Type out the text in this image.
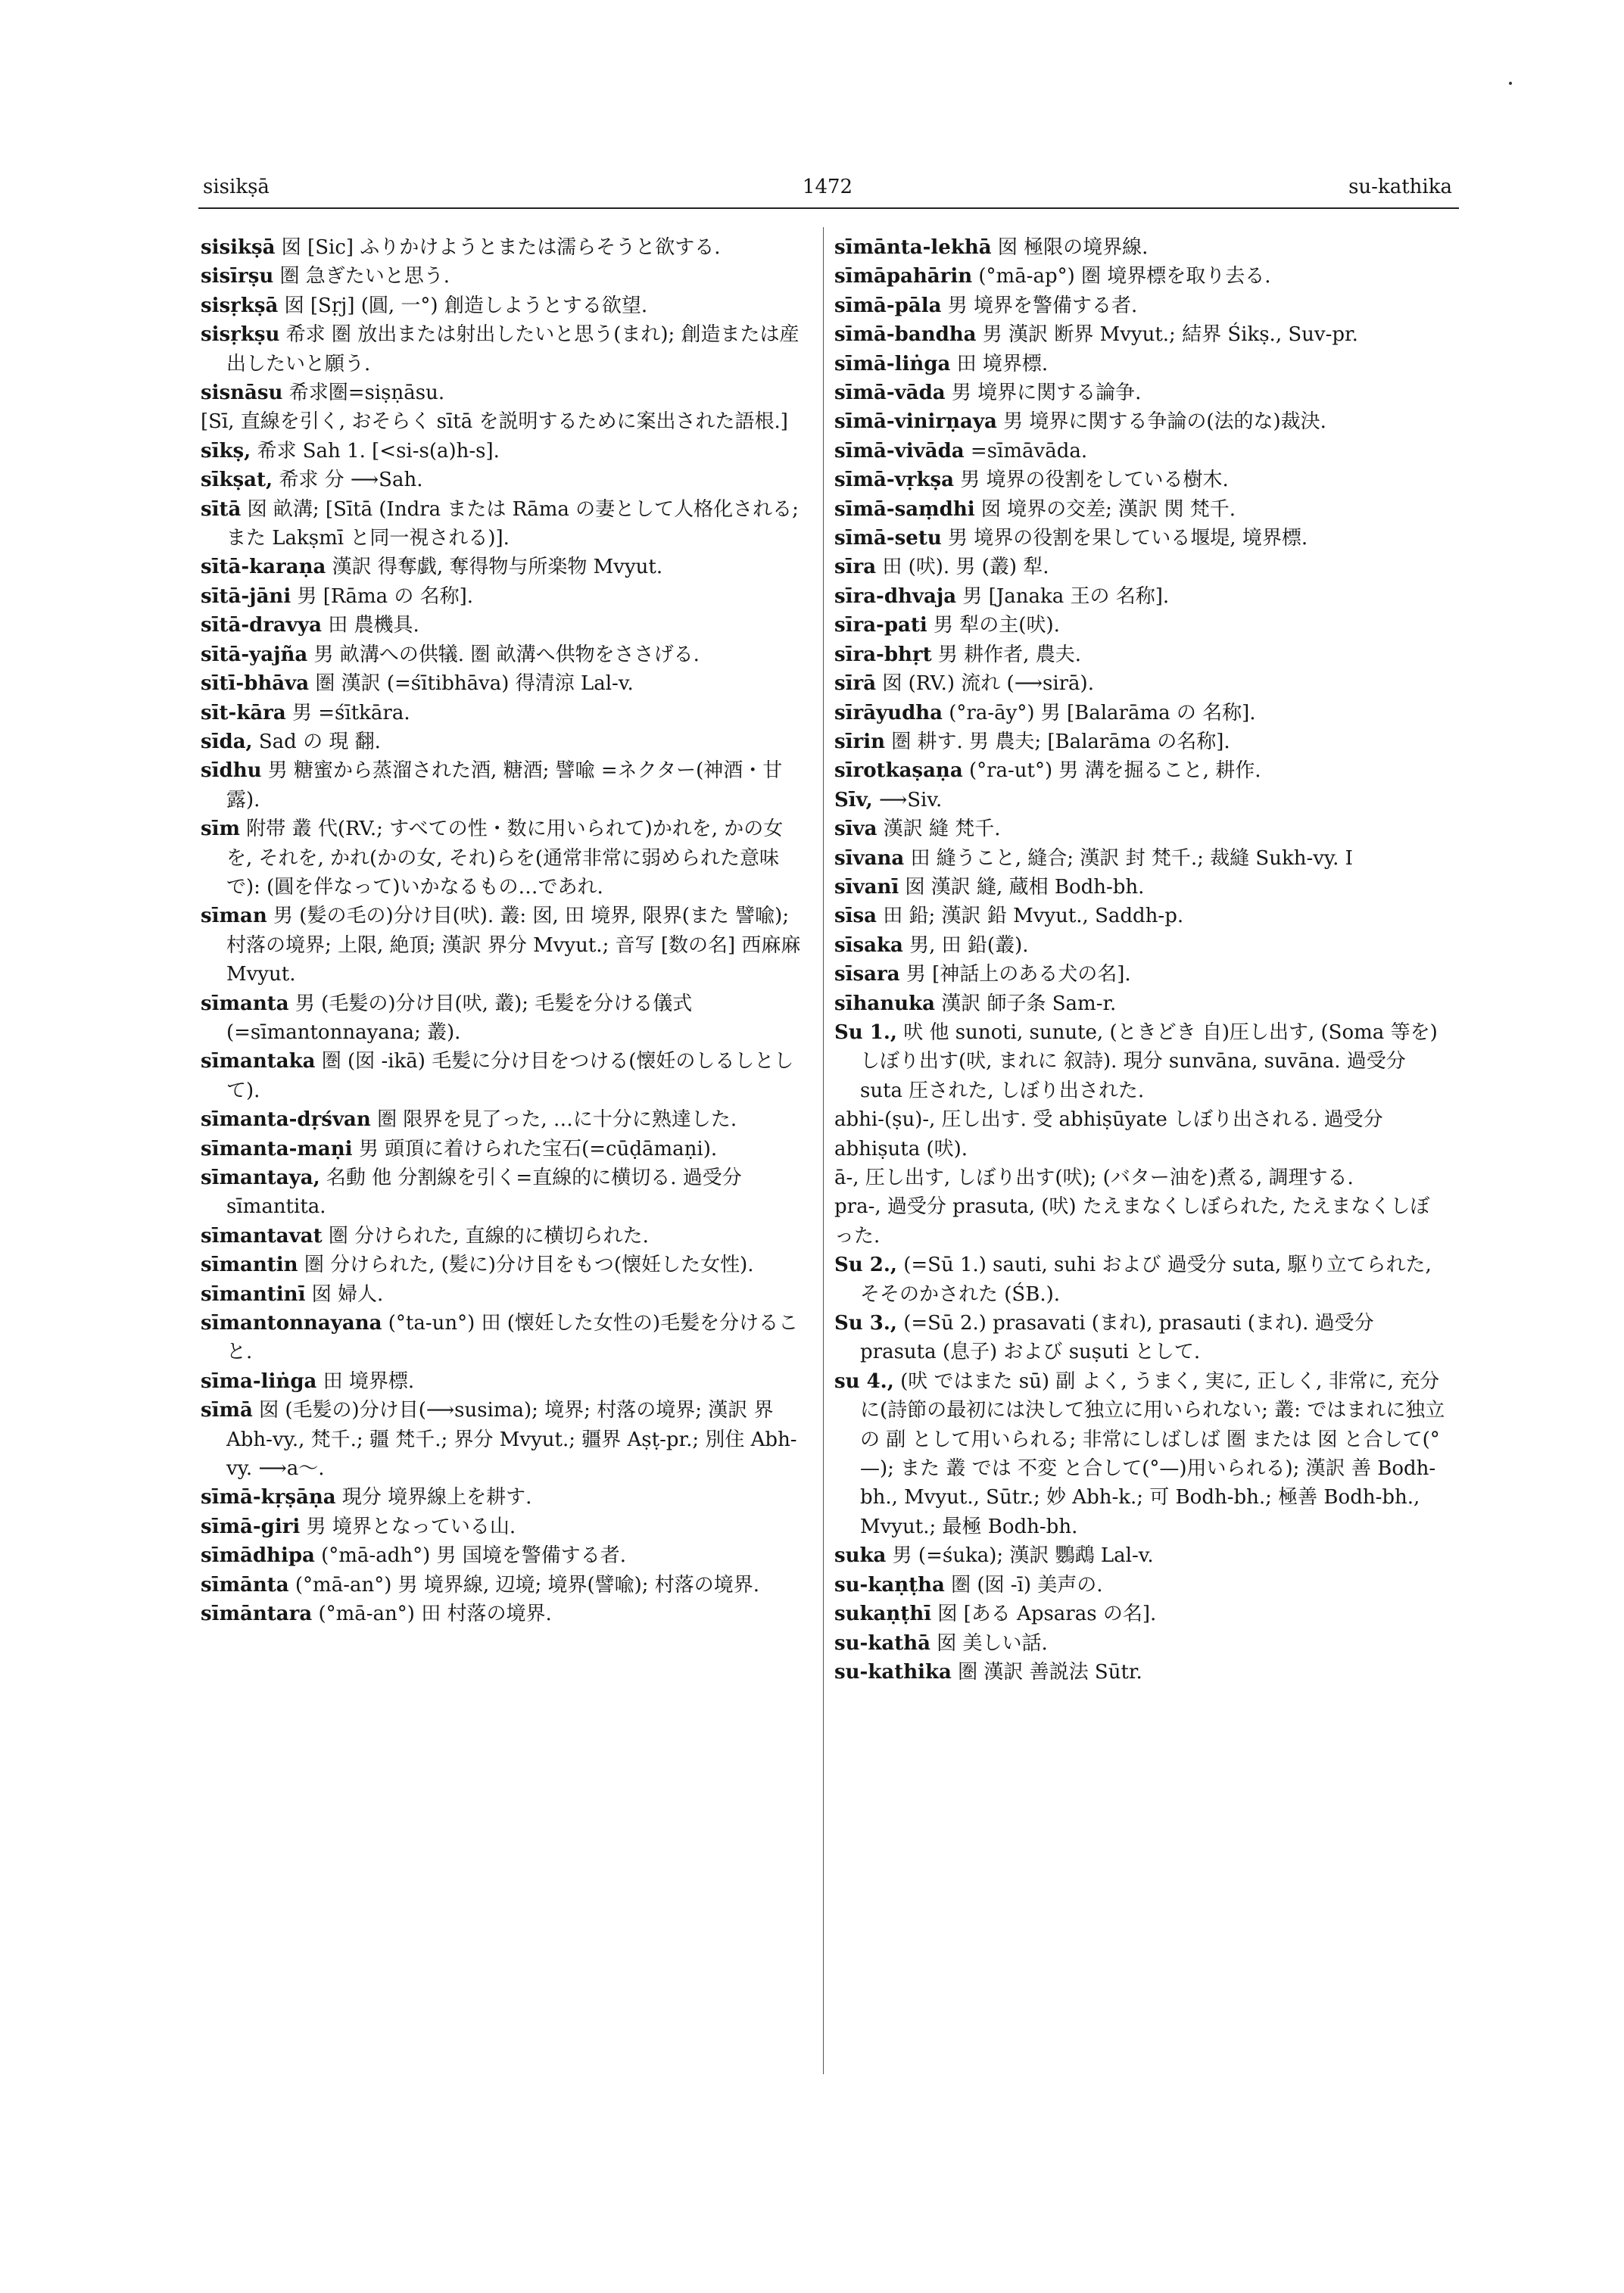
sisikṣā	1472	su-kathika

sisikṣā 囡 [Sic] ふりかけようとまたは濡らそうと欲する.

sisīrṣu 圏 急ぎたいと思う.

sisṛkṣā 囡 [Sṛj] (圓, 一°) 創造しようとする欲望.

sisṛkṣu 希求 圏 放出または射出したいと思う(まれ); 創造または産出したいと願う.

sisnāsu 希求圏=siṣṇāsu.

[Sī, 直線を引く, おそらく sītā を説明するために案出された語根.]

sīkṣ, 希求 Sah 1. [<si-s(a)h-s].

sīkṣat, 希求 分 ⟶Sah.

sītā 囡 畝溝; [Sītā (Indra または Rāma の妻として人格化される; また Lakṣmī と同一視される)].

sītā-karaṇa 漢訳 得奪戯, 奪得物与所楽物 Mvyut.

sītā-jāni 男 [Rāma の 名称].

sītā-dravya 田 農機具.

sītā-yajña 男 畝溝への供犠. 圏 畝溝へ供物をささげる.

sītī-bhāva 圏 漢訳 (=śītibhāva) 得清涼 Lal-v.

sīt-kāra 男 =śītkāra.

sīda, Sad の 現 翻.

sīdhu 男 糖蜜から蒸溜された酒, 糖酒; 譬喩 =ネクター(神酒・甘露).

sīm 附帯 叢 代(RV.; すべての性・数に用いられて)かれを, かの女を, それを, かれ(かの女, それ)らを(通常非常に弱められた意味で): (圓を伴なって)いかなるもの…であれ.

sīman 男 (髪の毛の)分け目(吠). 叢: 囡, 田 境界, 限界(また 譬喩); 村落の境界; 上限, 絶頂; 漢訳 界分 Mvyut.; 音写 [数の名] 西麻麻 Mvyut.

sīmanta 男 (毛髪の)分け目(吠, 叢); 毛髪を分ける儀式(=sīmantonnayana; 叢).

sīmantaka 圏 (囡 -ikā) 毛髪に分け目をつける(懐妊のしるしとして).

sīmanta-dṛśvan 圏 限界を見了った, …に十分に熟達した.

sīmanta-maṇi 男 頭頂に着けられた宝石(=cūḍāmaṇi).

sīmantaya, 名動 他 分割線を引く=直線的に横切る. 過受分 sīmantita.

sīmantavat 圏 分けられた, 直線的に横切られた.

sīmantin 圏 分けられた, (髪に)分け目をもつ(懐妊した女性).

sīmantinī 囡 婦人.

sīmantonnayana (°ta-un°) 田 (懐妊した女性の)毛髪を分けること.

sīma-liṅga 田 境界標.

sīmā 囡 (毛髪の)分け目(⟶susima); 境界; 村落の境界; 漢訳 界 Abh-vy., 梵千.; 疆 梵千.; 界分 Mvyut.; 疆界 Aṣṭ-pr.; 別住 Abh-vy. ⟶a〜.

sīmā-kṛṣāṇa 現分 境界線上を耕す.

sīmā-giri 男 境界となっている山.

sīmādhipa (°mā-adh°) 男 国境を警備する者.

sīmānta (°mā-an°) 男 境界線, 辺境; 境界(譬喩); 村落の境界.

sīmāntara (°mā-an°) 田 村落の境界.

sīmānta-lekhā 囡 極限の境界線.

sīmāpahārin (°mā-ap°) 圏 境界標を取り去る.

sīmā-pāla 男 境界を警備する者.

sīmā-bandha 男 漢訳 断界 Mvyut.; 結界 Śikṣ., Suv-pr.

sīmā-liṅga 田 境界標.

sīmā-vāda 男 境界に関する論争.

sīmā-vinirṇaya 男 境界に関する争論の(法的な)裁決.

sīmā-vivāda =sīmāvāda.

sīmā-vṛkṣa 男 境界の役割をしている樹木.

sīmā-saṃdhi 囡 境界の交差; 漢訳 関 梵千.

sīmā-setu 男 境界の役割を果している堰堤, 境界標.

sīra 田 (吠). 男 (叢) 犁.

sīra-dhvaja 男 [Janaka 王の 名称].

sīra-pati 男 犁の主(吠).

sīra-bhṛt 男 耕作者, 農夫.

sīrā 囡 (RV.) 流れ (⟶sirā).

sīrāyudha (°ra-āy°) 男 [Balarāma の 名称].

sīrin 圏 耕す. 男 農夫; [Balarāma の名称].

sīrotkaṣaṇa (°ra-ut°) 男 溝を掘ること, 耕作.

Sīv, ⟶Siv.

sīva 漢訳 縫 梵千.

sīvana 田 縫うこと, 縫合; 漢訳 封 梵千.; 裁縫 Sukh-vy. I

sīvanī 囡 漢訳 縫, 蔵相 Bodh-bh.

sīsa 田 鉛; 漢訳 鉛 Mvyut., Saddh-p.

sīsaka 男, 田 鉛(叢).

sīsara 男 [神話上のある犬の名].

sīhanuka 漢訳 師子条 Sam-r.

Su 1., 吠 他 sunoti, sunute, (ときどき 自)圧し出す, (Soma 等を)しぼり出す(吠, まれに 叙詩). 現分 sunvāna, suvāna. 過受分 suta 圧された, しぼり出された.

abhi-(ṣu)-, 圧し出す. 受 abhiṣūyate しぼり出される. 過受分 abhiṣuta (吠).

ā-, 圧し出す, しぼり出す(吠); (バター油を)煮る, 調理する.

pra-, 過受分 prasuta, (吠) たえまなくしぼられた, たえまなくしぼった.

Su 2., (=Sū 1.) sauti, suhi および 過受分 suta, 駆り立てられた, そそのかされた (ŚB.).

Su 3., (=Sū 2.) prasavati (まれ), prasauti (まれ). 過受分 prasuta (息子) および suṣuti として.

su 4., (吠 ではまた sū) 副 よく, うまく, 実に, 正しく, 非常に, 充分に(詩節の最初には決して独立に用いられない; 叢: ではまれに独立の 副 として用いられる; 非常にしばしば 圏 または 囡 と合して(°—); また 叢 では 不変 と合して(°—)用いられる); 漢訳 善 Bodh-bh., Mvyut., Sūtr.; 妙 Abh-k.; 可 Bodh-bh.; 極善 Bodh-bh., Mvyut.; 最極 Bodh-bh.

suka 男 (=śuka); 漢訳 鸚鵡 Lal-v.

su-kaṇṭha 圏 (囡 -ī) 美声の.

sukaṇṭhī 囡 [ある Apsaras の名].

su-kathā 囡 美しい話.

su-kathika 圏 漢訳 善説法 Sūtr.
